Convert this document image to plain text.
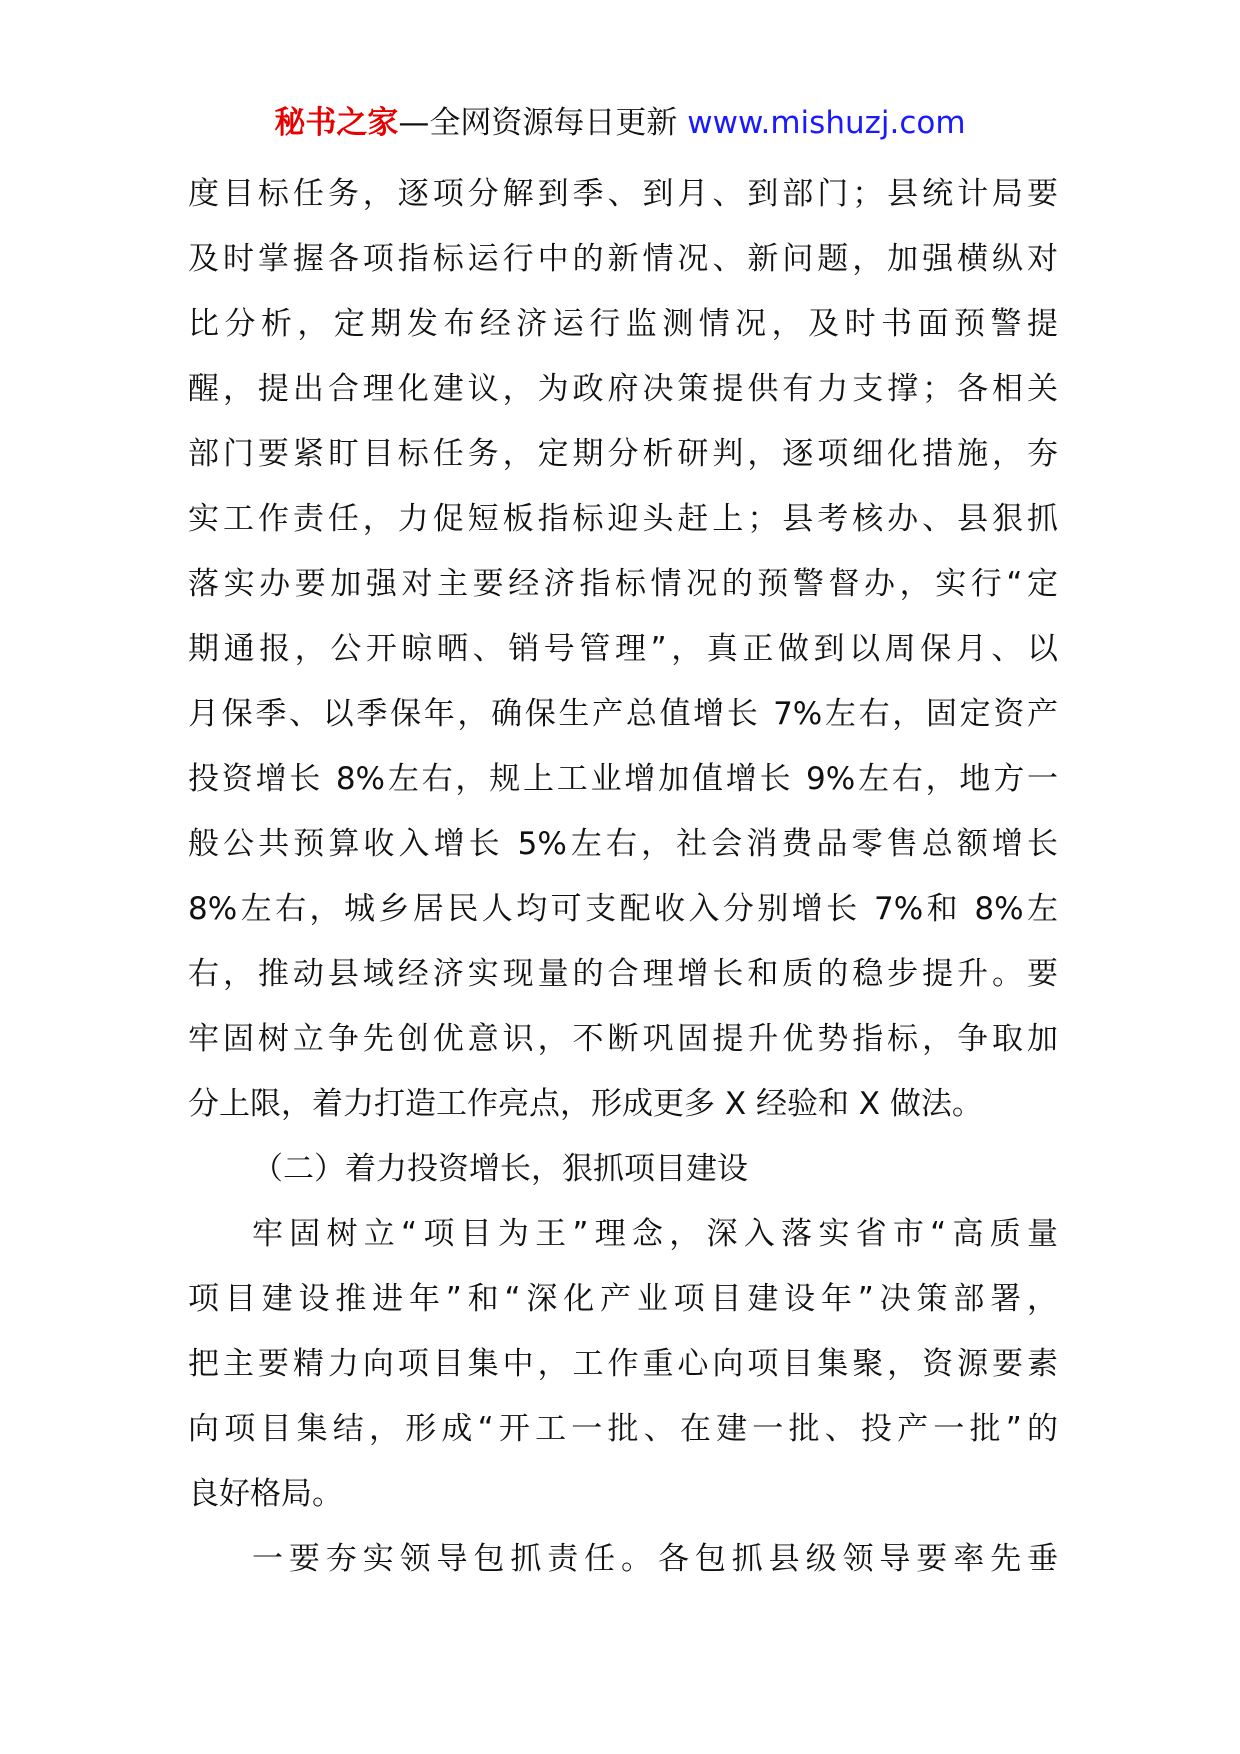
秘书之家—全网资源每日更新 www.mishuzj.com
度目标任务，逐项分解到季、到月、到部门；县统计局要
及时掌握各项指标运行中的新情况、新问题，加强横纵对
比分析，定期发布经济运行监测情况，及时书面预警提
醒，提出合理化建议，为政府决策提供有力支撑；各相关
部门要紧盯目标任务，定期分析研判，逐项细化措施，夯
实工作责任，力促短板指标迎头赶上；县考核办、县狠抓
落实办要加强对主要经济指标情况的预警督办，实行“定
期通报，公开晾晒、销号管理”，真正做到以周保月、以
月保季、以季保年，确保生产总值增长 7%左右，固定资产
投资增长 8%左右，规上工业增加值增长 9%左右，地方一
般公共预算收入增长 5%左右，社会消费品零售总额增长
8%左右，城乡居民人均可支配收入分别增长 7%和 8%左
右，推动县域经济实现量的合理增长和质的稳步提升。要
牢固树立争先创优意识，不断巩固提升优势指标，争取加
分上限，着力打造工作亮点，形成更多 X 经验和 X 做法。
（二）着力投资增长，狠抓项目建设
牢固树立“项目为王”理念，深入落实省市“高质量
项目建设推进年”和“深化产业项目建设年”决策部署，
把主要精力向项目集中，工作重心向项目集聚，资源要素
向项目集结，形成“开工一批、在建一批、投产一批”的
良好格局。
一要夯实领导包抓责任。各包抓县级领导要率先垂
